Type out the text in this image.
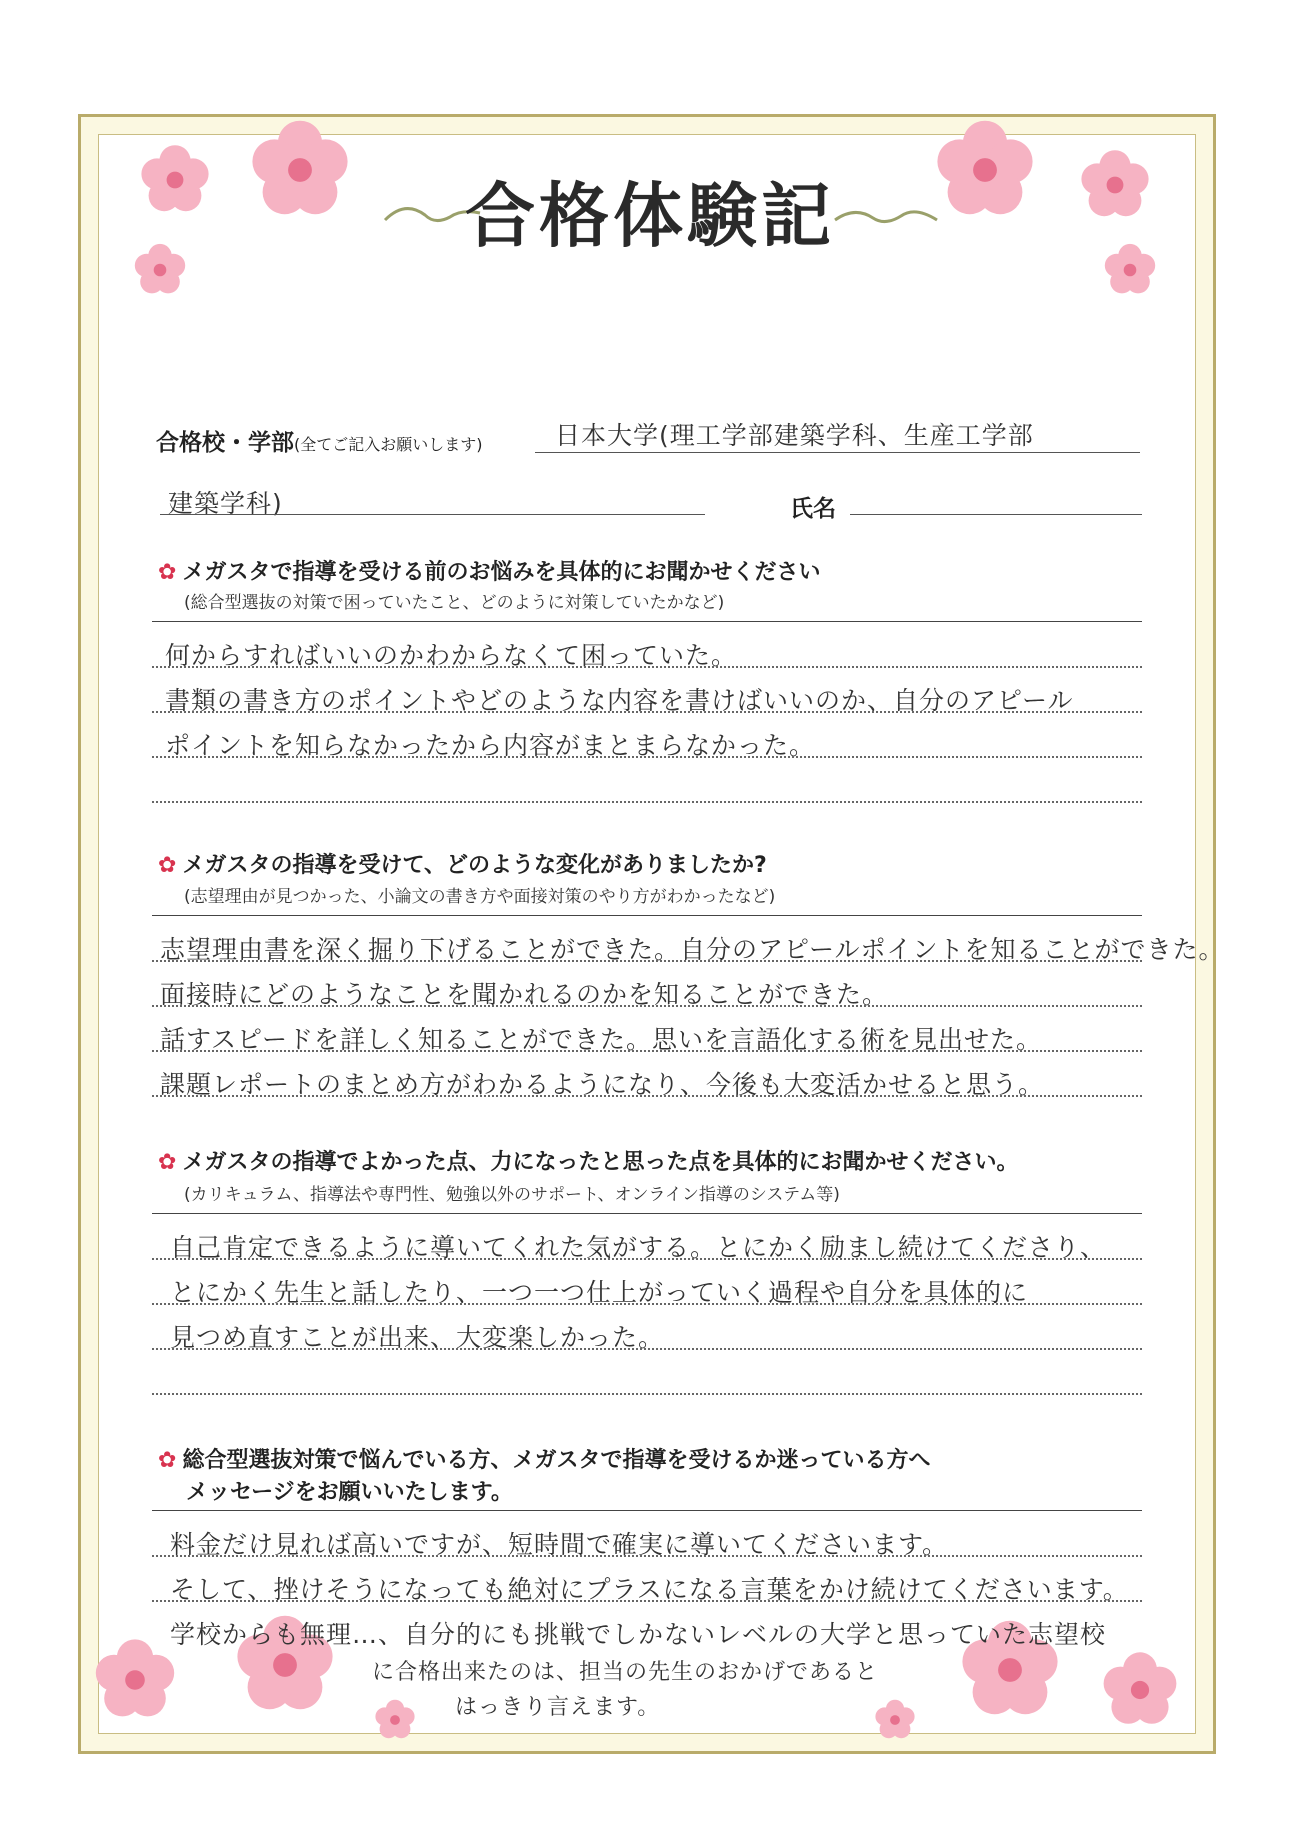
合格体験記
合格校・学部(全てご記入お願いします)	日本大学(理工学部建築学科、生産工学部
建築学科)	氏名
✿ メガスタで指導を受ける前のお悩みを具体的にお聞かせください
(総合型選抜の対策で困っていたこと、どのように対策していたかなど)
何からすればいいのかわからなくて困っていた。
書類の書き方のポイントやどのような内容を書けばいいのか、自分のアピール
ポイントを知らなかったから内容がまとまらなかった。
✿ メガスタの指導を受けて、どのような変化がありましたか?
(志望理由が見つかった、小論文の書き方や面接対策のやり方がわかったなど)
志望理由書を深く掘り下げることができた。自分のアピールポイントを知ることができた。
面接時にどのようなことを聞かれるのかを知ることができた。
話すスピードを詳しく知ることができた。思いを言語化する術を見出せた。
課題レポートのまとめ方がわかるようになり、今後も大変活かせると思う。
✿ メガスタの指導でよかった点、力になったと思った点を具体的にお聞かせください。
(カリキュラム、指導法や専門性、勉強以外のサポート、オンライン指導のシステム等)
自己肯定できるように導いてくれた気がする。とにかく励まし続けてくださり、
とにかく先生と話したり、一つ一つ仕上がっていく過程や自分を具体的に
見つめ直すことが出来、大変楽しかった。
✿ 総合型選抜対策で悩んでいる方、メガスタで指導を受けるか迷っている方へ
メッセージをお願いいたします。
料金だけ見れば高いですが、短時間で確実に導いてくださいます。
そして、挫けそうになっても絶対にプラスになる言葉をかけ続けてくださいます。
学校からも無理…、自分的にも挑戦でしかないレベルの大学と思っていた志望校
に合格出来たのは、担当の先生のおかげであると
はっきり言えます。
